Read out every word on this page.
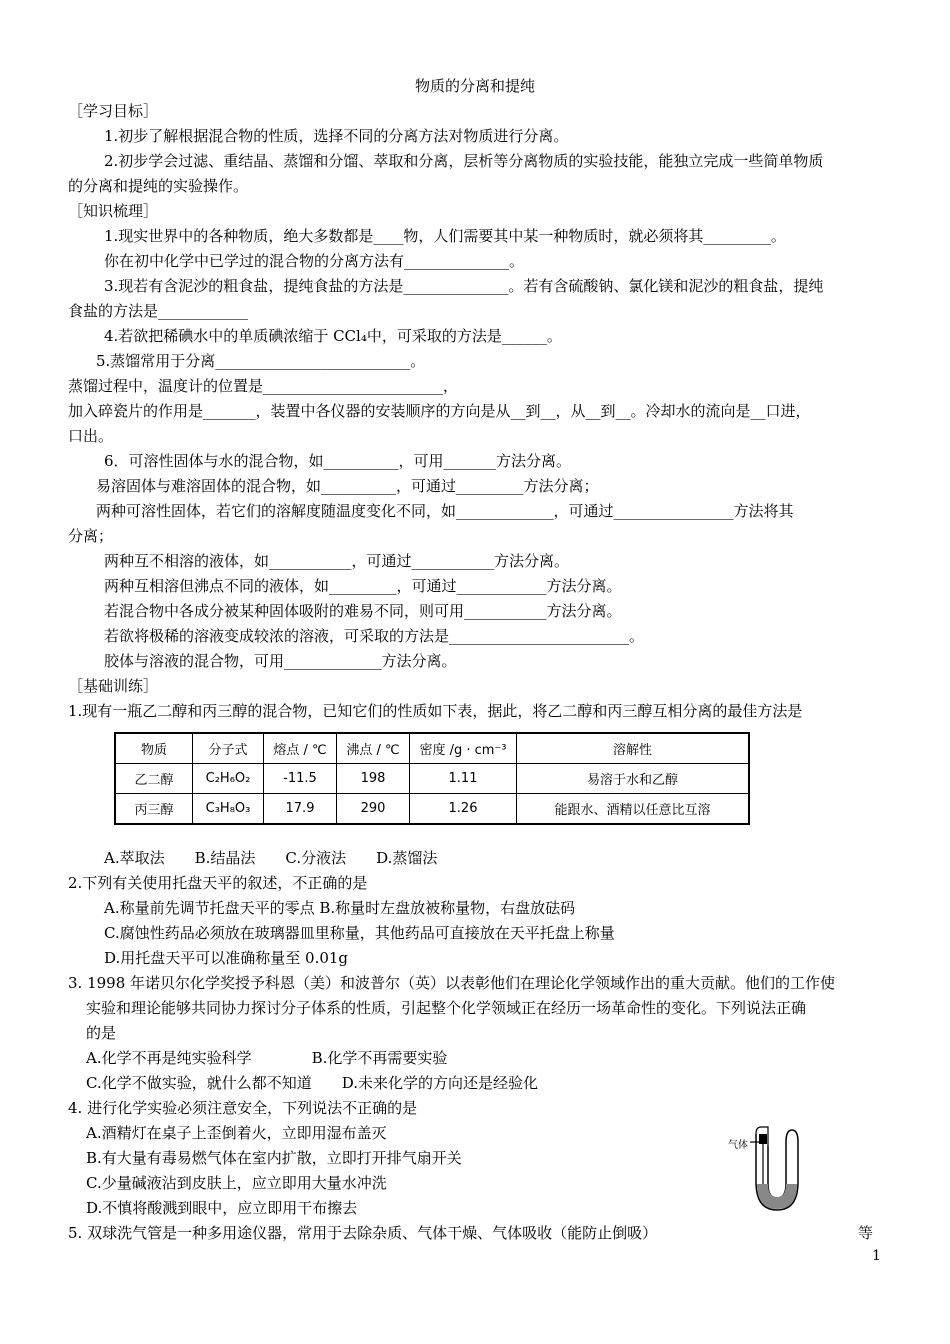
物质的分离和提纯
［学习目标］
1.初步了解根据混合物的性质，选择不同的分离方法对物质进行分离。
2.初步学会过滤、重结晶、蒸馏和分馏、萃取和分离，层析等分离物质的实验技能，能独立完成一些简单物质
的分离和提纯的实验操作。
［知识梳理］
1.现实世界中的各种物质，绝大多数都是____物，人们需要其中某一种物质时，就必须将其_________。
你在初中化学中已学过的混合物的分离方法有______________。
3.现若有含泥沙的粗食盐，提纯食盐的方法是______________。若有含硫酸钠、氯化镁和泥沙的粗食盐，提纯
食盐的方法是____________
4.若欲把稀碘水中的单质碘浓缩于 CCl₄中，可采取的方法是______。
5.蒸馏常用于分离__________________________。
蒸馏过程中，温度计的位置是________________________，
加入碎瓷片的作用是_______，装置中各仪器的安装顺序的方向是从__到__，从__到__。冷却水的流向是__口进，
口出。
6．可溶性固体与水的混合物，如__________，可用_______方法分离。
易溶固体与难溶固体的混合物，如__________，可通过_________方法分离；
两种可溶性固体，若它们的溶解度随温度变化不同，如_____________，可通过________________方法将其
分离；
两种互不相溶的液体，如___________，可通过___________方法分离。
两种互相溶但沸点不同的液体，如_________，可通过____________方法分离。
若混合物中各成分被某种固体吸附的难易不同，则可用___________方法分离。
若欲将极稀的溶液变成较浓的溶液，可采取的方法是________________________。
胶体与溶液的混合物，可用_____________方法分离。
［基础训练］
1.现有一瓶乙二醇和丙三醇的混合物，已知它们的性质如下表，据此，将乙二醇和丙三醇互相分离的最佳方法是
物质	分子式	熔点 / ℃	沸点 / ℃	密度 /g · cm⁻³	溶解性
乙二醇	C₂H₆O₂	-11.5	198	1.11	易溶于水和乙醇
丙三醇	C₃H₈O₃	17.9	290	1.26	能跟水、酒精以任意比互溶
A.萃取法　　B.结晶法　　C.分液法　　D.蒸馏法
2.下列有关使用托盘天平的叙述，不正确的是
A.称量前先调节托盘天平的零点 B.称量时左盘放被称量物，右盘放砝码
C.腐蚀性药品必须放在玻璃器皿里称量，其他药品可直接放在天平托盘上称量
D.用托盘天平可以准确称量至 0.01g
3. 1998 年诺贝尔化学奖授予科恩（美）和波普尔（英）以表彰他们在理论化学领域作出的重大贡献。他们的工作使
实验和理论能够共同协力探讨分子体系的性质，引起整个化学领域正在经历一场革命性的变化。下列说法正确
的是
A.化学不再是纯实验科学　　　　B.化学不再需要实验
C.化学不做实验，就什么都不知道　　D.未来化学的方向还是经验化
4. 进行化学实验必须注意安全，下列说法不正确的是
A.酒精灯在桌子上歪倒着火，立即用湿布盖灭
B.有大量有毒易燃气体在室内扩散，立即打开排气扇开关
C.少量碱液沾到皮肤上，应立即用大量水冲洗
D.不慎将酸溅到眼中，应立即用干布擦去
5. 双球洗气管是一种多用途仪器，常用于去除杂质、气体干燥、气体吸收（能防止倒吸）	等
气体
1
